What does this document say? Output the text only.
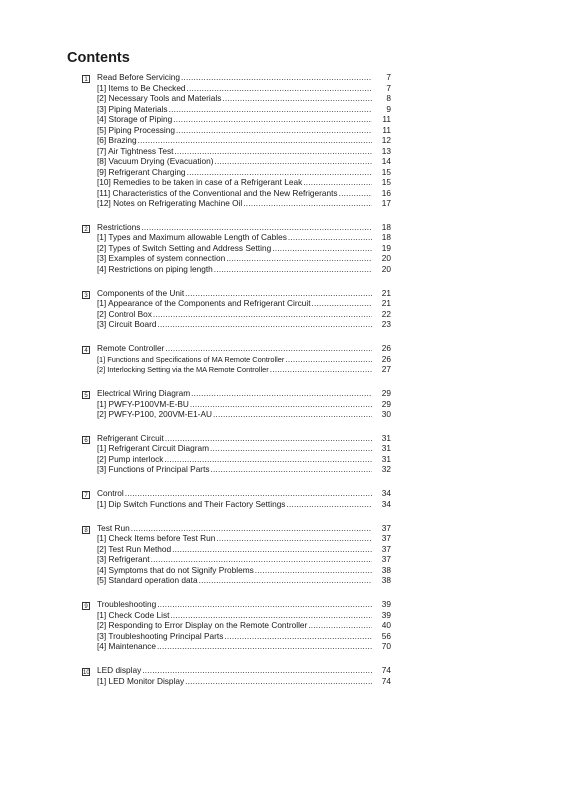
Contents
1 Read Before Servicing .....	7
[1] Items to Be Checked .....	7
[2] Necessary Tools and Materials .....	8
[3] Piping Materials .....	9
[4] Storage of Piping .....	11
[5] Piping Processing .....	11
[6] Brazing .....	12
[7] Air Tightness Test .....	13
[8] Vacuum Drying (Evacuation) .....	14
[9] Refrigerant Charging .....	15
[10] Remedies to be taken in case of a Refrigerant Leak .....	15
[11] Characteristics of the Conventional and the New Refrigerants .....	16
[12] Notes on Refrigerating Machine Oil .....	17
2 Restrictions .....	18
[1] Types and Maximum allowable Length of Cables .....	18
[2] Types of Switch Setting and Address Setting .....	19
[3] Examples of system connection .....	20
[4] Restrictions on piping length .....	20
3 Components of the Unit .....	21
[1] Appearance of the Components and Refrigerant Circuit .....	21
[2] Control Box .....	22
[3] Circuit Board .....	23
4 Remote Controller .....	26
[1] Functions and Specifications of MA Remote Controller .....	26
[2] Interlocking Setting via the MA Remote Controller .....	27
5 Electrical Wiring Diagram .....	29
[1] PWFY-P100VM-E-BU .....	29
[2] PWFY-P100, 200VM-E1-AU .....	30
6 Refrigerant Circuit .....	31
[1] Refrigerant Circuit Diagram .....	31
[2] Pump interlock .....	31
[3] Functions of Principal Parts .....	32
7 Control .....	34
[1] Dip Switch Functions and Their Factory Settings .....	34
8 Test Run .....	37
[1] Check Items before Test Run .....	37
[2] Test Run Method .....	37
[3] Refrigerant .....	37
[4] Symptoms that do not Signify Problems .....	38
[5] Standard operation data .....	38
9 Troubleshooting .....	39
[1] Check Code List .....	39
[2] Responding to Error Display on the Remote Controller .....	40
[3] Troubleshooting Principal Parts .....	56
[4] Maintenance .....	70
10 LED display .....	74
[1] LED Monitor Display .....	74
